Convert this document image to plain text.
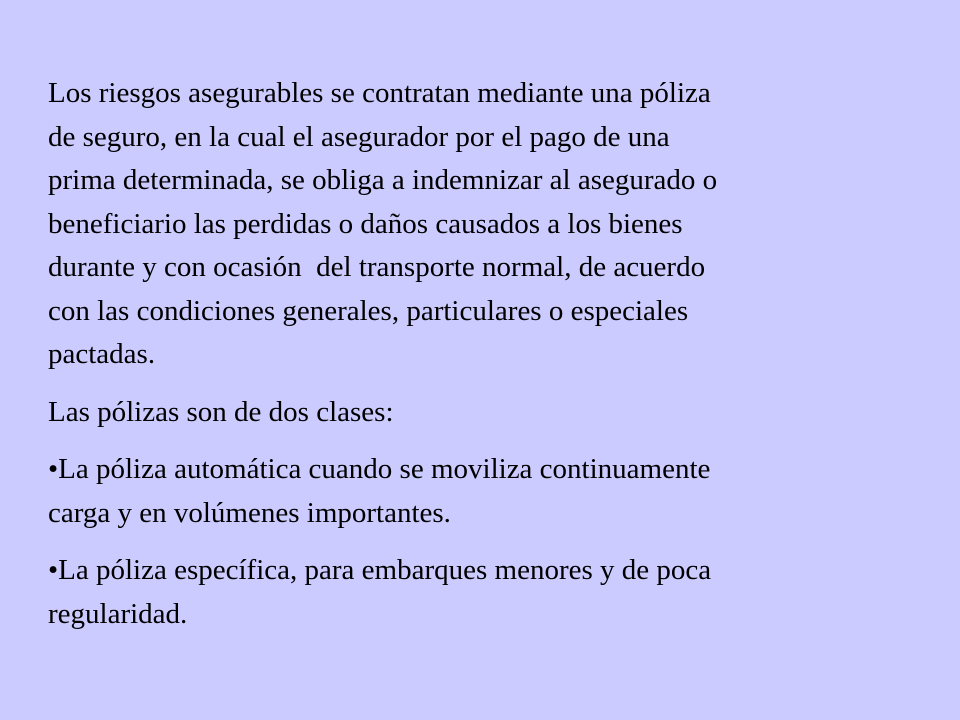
Los riesgos asegurables se contratan mediante una póliza
de seguro, en la cual el asegurador por el pago de una
prima determinada, se obliga a indemnizar al asegurado o
beneficiario las perdidas o daños causados a los bienes
durante y con ocasión  del transporte normal, de acuerdo
con las condiciones generales, particulares o especiales
pactadas.
Las pólizas son de dos clases:
•La póliza automática cuando se moviliza continuamente
carga y en volúmenes importantes.
•La póliza específica, para embarques menores y de poca
regularidad.
